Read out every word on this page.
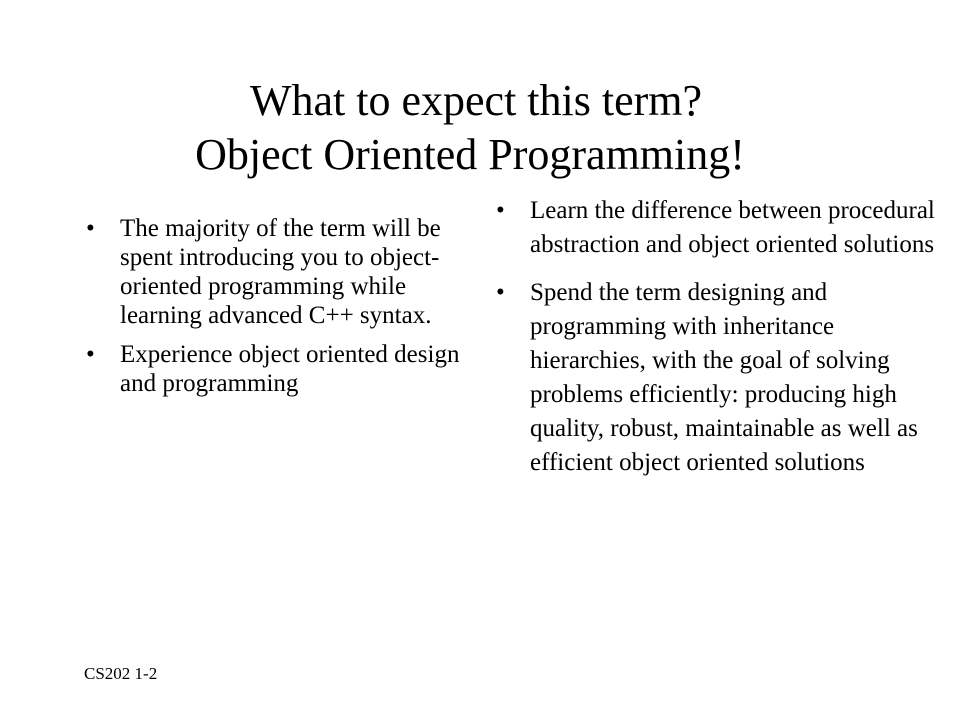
What to expect this term?
Object Oriented Programming!
• The majority of the term will be spent introducing you to object-oriented programming while learning advanced C++ syntax.
• Experience object oriented design and programming
• Learn the difference between procedural abstraction and object oriented solutions
• Spend the term designing and programming with inheritance hierarchies, with the goal of solving problems efficiently: producing high quality, robust, maintainable as well as efficient object oriented solutions
CS202 1-2
